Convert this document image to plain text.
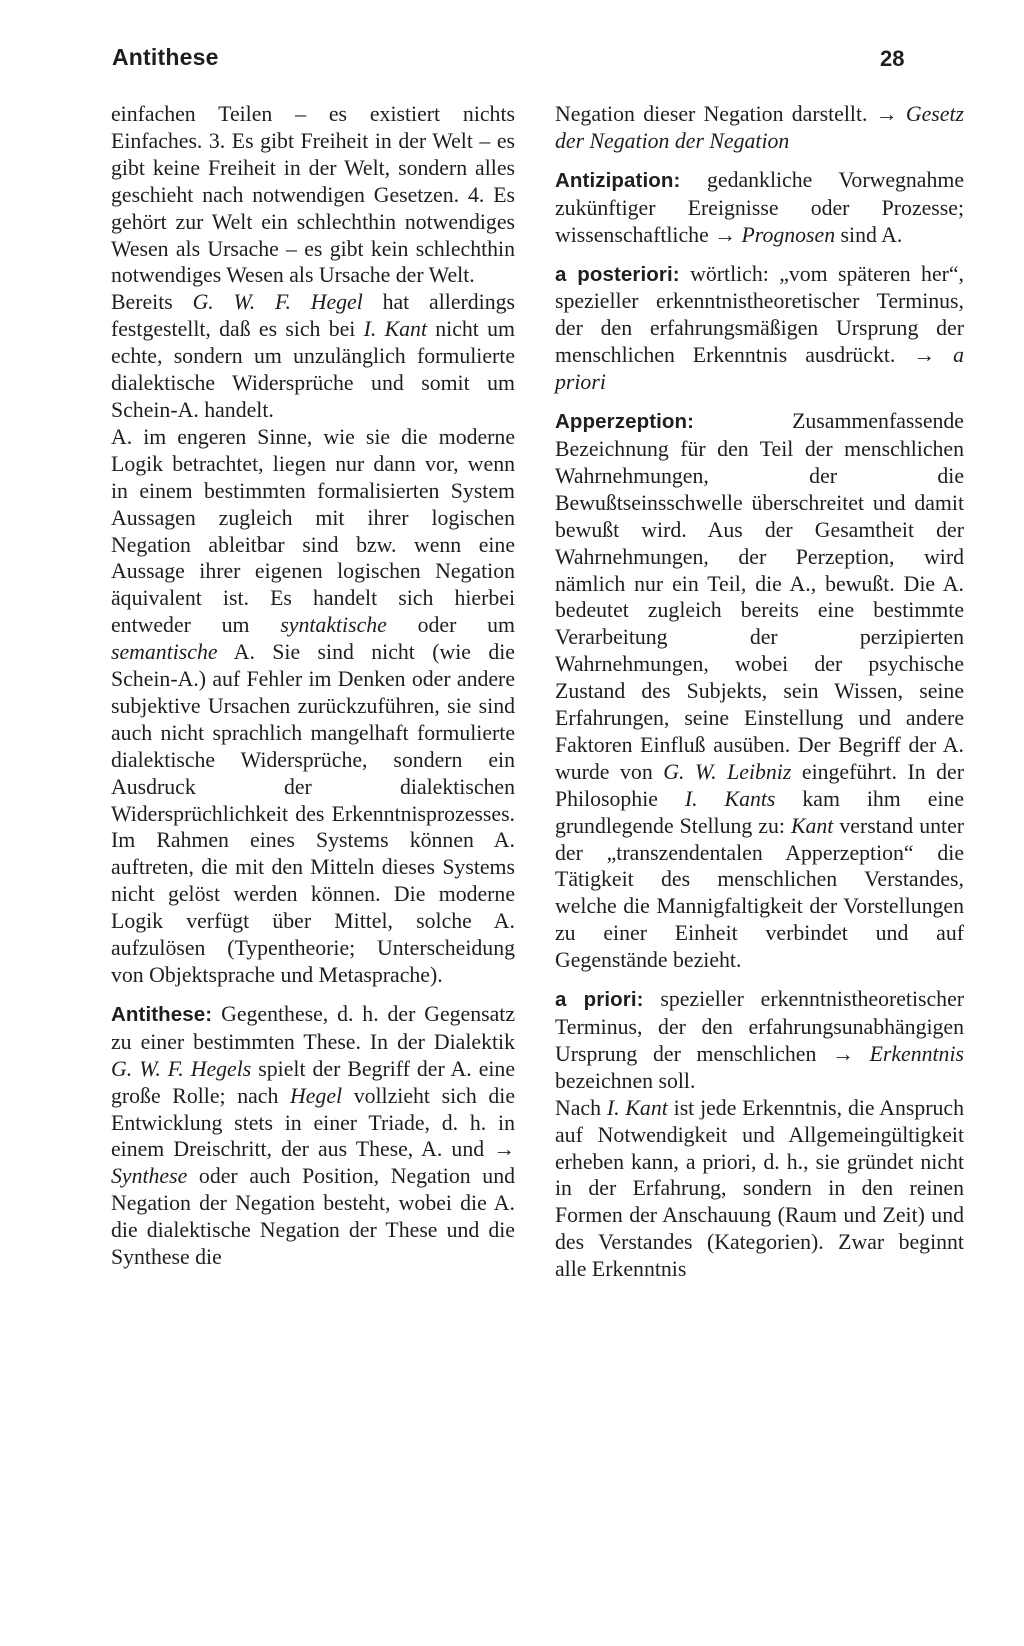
Antithese	28

einfachen Teilen – es existiert nichts Einfaches. 3. Es gibt Freiheit in der Welt – es gibt keine Freiheit in der Welt, sondern alles geschieht nach notwendigen Gesetzen. 4. Es gehört zur Welt ein schlechthin notwendiges Wesen als Ursache – es gibt kein schlechthin notwendiges Wesen als Ursache der Welt.

Bereits G. W. F. Hegel hat allerdings festgestellt, daß es sich bei I. Kant nicht um echte, sondern um unzulänglich formulierte dialektische Widersprüche und somit um Schein-A. handelt.

A. im engeren Sinne, wie sie die moderne Logik betrachtet, liegen nur dann vor, wenn in einem bestimmten formalisierten System Aussagen zugleich mit ihrer logischen Negation ableitbar sind bzw. wenn eine Aussage ihrer eigenen logischen Negation äquivalent ist. Es handelt sich hierbei entweder um syntaktische oder um semantische A. Sie sind nicht (wie die Schein-A.) auf Fehler im Denken oder andere subjektive Ursachen zurückzuführen, sie sind auch nicht sprachlich mangelhaft formulierte dialektische Widersprüche, sondern ein Ausdruck der dialektischen Widersprüchlichkeit des Erkenntnisprozesses. Im Rahmen eines Systems können A. auftreten, die mit den Mitteln dieses Systems nicht gelöst werden können. Die moderne Logik verfügt über Mittel, solche A. aufzulösen (Typentheorie; Unterscheidung von Objektsprache und Metasprache).

Antithese: Gegenthese, d. h. der Gegensatz zu einer bestimmten These. In der Dialektik G. W. F. Hegels spielt der Begriff der A. eine große Rolle; nach Hegel vollzieht sich die Entwicklung stets in einer Triade, d. h. in einem Dreischritt, der aus These, A. und → Synthese oder auch Position, Negation und Negation der Negation besteht, wobei die A. die dialektische Negation der These und die Synthese die

Negation dieser Negation darstellt. → Gesetz der Negation der Negation

Antizipation: gedankliche Vorwegnahme zukünftiger Ereignisse oder Prozesse; wissenschaftliche → Prognosen sind A.

a posteriori: wörtlich: „vom späteren her“, spezieller erkenntnistheoretischer Terminus, der den erfahrungsmäßigen Ursprung der menschlichen Erkenntnis ausdrückt. → a priori

Apperzeption: Zusammenfassende Bezeichnung für den Teil der menschlichen Wahrnehmungen, der die Bewußtseinsschwelle überschreitet und damit bewußt wird. Aus der Gesamtheit der Wahrnehmungen, der Perzeption, wird nämlich nur ein Teil, die A., bewußt. Die A. bedeutet zugleich bereits eine bestimmte Verarbeitung der perzipierten Wahrnehmungen, wobei der psychische Zustand des Subjekts, sein Wissen, seine Erfahrungen, seine Einstellung und andere Faktoren Einfluß ausüben. Der Begriff der A. wurde von G. W. Leibniz eingeführt. In der Philosophie I. Kants kam ihm eine grundlegende Stellung zu: Kant verstand unter der „transzendentalen Apperzeption“ die Tätigkeit des menschlichen Verstandes, welche die Mannigfaltigkeit der Vorstellungen zu einer Einheit verbindet und auf Gegenstände bezieht.

a priori: spezieller erkenntnistheoretischer Terminus, der den erfahrungsunabhängigen Ursprung der menschlichen → Erkenntnis bezeichnen soll.

Nach I. Kant ist jede Erkenntnis, die Anspruch auf Notwendigkeit und Allgemeingültigkeit erheben kann, a priori, d. h., sie gründet nicht in der Erfahrung, sondern in den reinen Formen der Anschauung (Raum und Zeit) und des Verstandes (Kategorien). Zwar beginnt alle Erkenntnis
